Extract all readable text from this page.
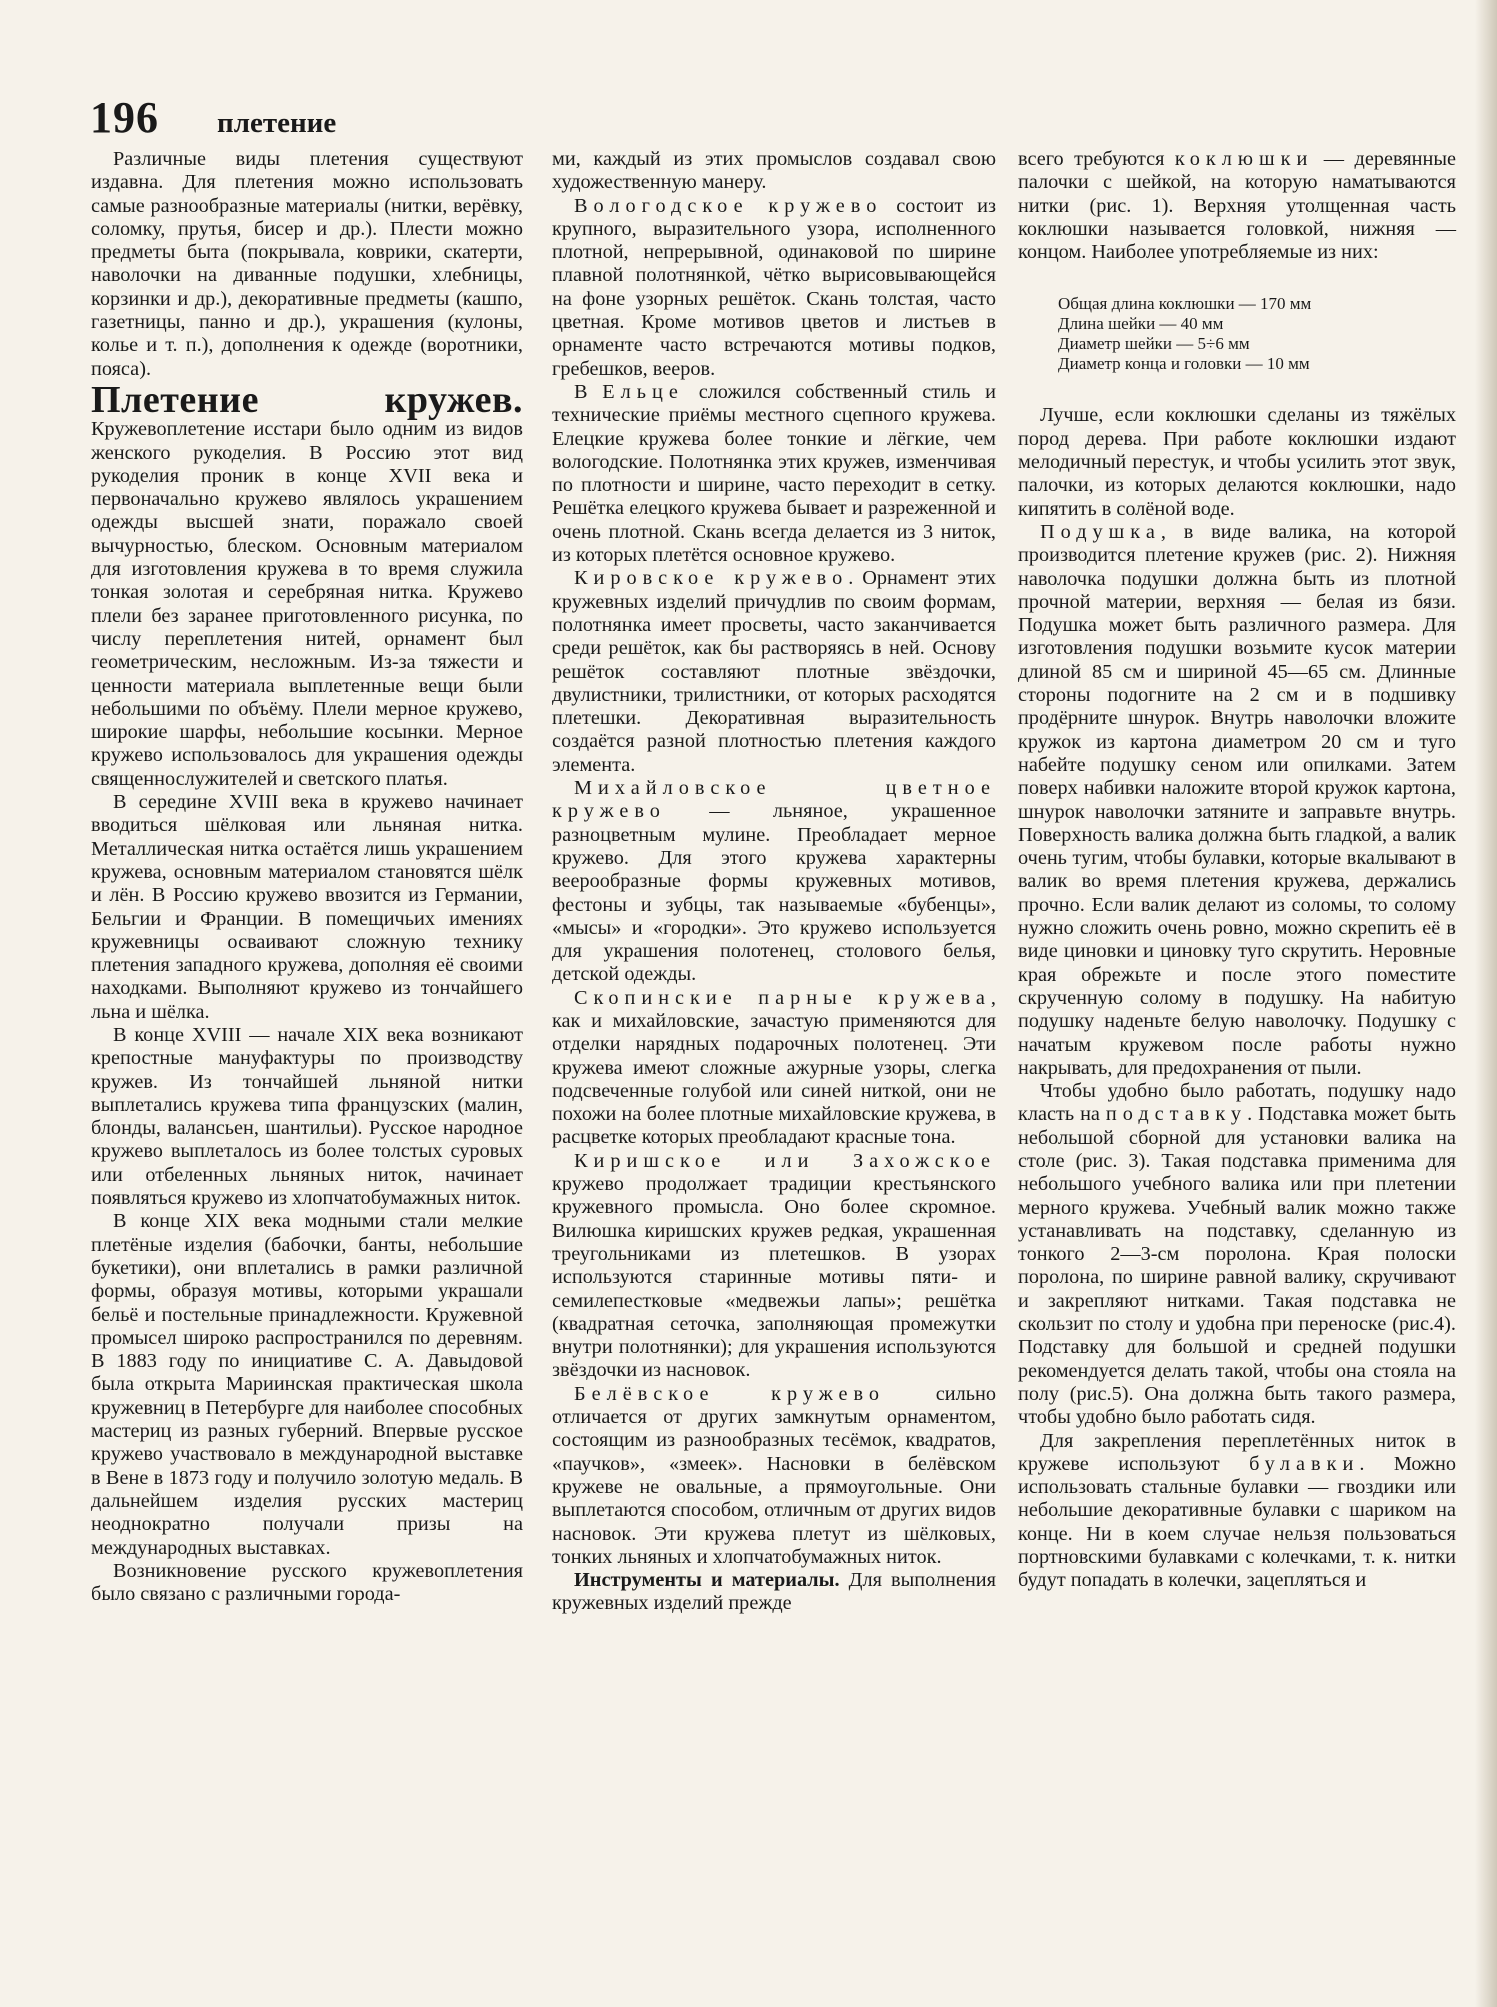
196 плетение

Различные виды плетения существуют издавна. Для плетения можно использовать самые разнообразные материалы (нитки, верёвку, соломку, прутья, бисер и др.). Плести можно предметы быта (покрывала, коврики, скатерти, наволочки на диванные подушки, хлебницы, корзинки и др.), декоративные предметы (кашпо, газетницы, панно и др.), украшения (кулоны, колье и т. п.), дополнения к одежде (воротники, пояса).

Плетение кружев. Кружевоплетение исстари было одним из видов женского рукоделия. В Россию этот вид рукоделия проник в конце XVII века и первоначально кружево являлось украшением одежды высшей знати, поражало своей вычурностью, блеском. Основным материалом для изготовления кружева в то время служила тонкая золотая и серебряная нитка. Кружево плели без заранее приготовленного рисунка, по числу переплетения нитей, орнамент был геометрическим, несложным. Из-за тяжести и ценности материала выплетенные вещи были небольшими по объёму. Плели мерное кружево, широкие шарфы, небольшие косынки. Мерное кружево использовалось для украшения одежды священнослужителей и светского платья.

В середине XVIII века в кружево начинает вводиться шёлковая или льняная нитка. Металлическая нитка остаётся лишь украшением кружева, основным материалом становятся шёлк и лён. В Россию кружево ввозится из Германии, Бельгии и Франции. В помещичьих имениях кружевницы осваивают сложную технику плетения западного кружева, дополняя её своими находками. Выполняют кружево из тончайшего льна и шёлка.

В конце XVIII — начале XIX века возникают крепостные мануфактуры по производству кружев. Из тончайшей льняной нитки выплетались кружева типа французских (малин, блонды, валансьен, шантильи). Русское народное кружево выплеталось из более толстых суровых или отбеленных льняных ниток, начинает появляться кружево из хлопчатобумажных ниток.

В конце XIX века модными стали мелкие плетёные изделия (бабочки, банты, небольшие букетики), они вплетались в рамки различной формы, образуя мотивы, которыми украшали бельё и постельные принадлежности. Кружевной промысел широко распространился по деревням. В 1883 году по инициативе С. А. Давыдовой была открыта Мариинская практическая школа кружевниц в Петербурге для наиболее способных мастериц из разных губерний. Впервые русское кружево участвовало в международной выставке в Вене в 1873 году и получило золотую медаль. В дальнейшем изделия русских мастериц неоднократно получали призы на международных выставках.

Возникновение русского кружевоплетения было связано с различными города-

ми, каждый из этих промыслов создавал свою художественную манеру.

Вологодское кружево состоит из крупного, выразительного узора, исполненного плотной, непрерывной, одинаковой по ширине плавной полотнянкой, чётко вырисовывающейся на фоне узорных решёток. Скань толстая, часто цветная. Кроме мотивов цветов и листьев в орнаменте часто встречаются мотивы подков, гребешков, вееров.

В Ельце сложился собственный стиль и технические приёмы местного сцепного кружева. Елецкие кружева более тонкие и лёгкие, чем вологодские. Полотнянка этих кружев, изменчивая по плотности и ширине, часто переходит в сетку. Решётка елецкого кружева бывает и разреженной и очень плотной. Скань всегда делается из 3 ниток, из которых плетётся основное кружево.

Кировское кружево. Орнамент этих кружевных изделий причудлив по своим формам, полотнянка имеет просветы, часто заканчивается среди решёток, как бы растворяясь в ней. Основу решёток составляют плотные звёздочки, двулистники, трилистники, от которых расходятся плетешки. Декоративная выразительность создаётся разной плотностью плетения каждого элемента.

Михайловское цветное кружево — льняное, украшенное разноцветным мулине. Преобладает мерное кружево. Для этого кружева характерны веерообразные формы кружевных мотивов, фестоны и зубцы, так называемые «бубенцы», «мысы» и «городки». Это кружево используется для украшения полотенец, столового белья, детской одежды.

Скопинские парные кружева, как и михайловские, зачастую применяются для отделки нарядных подарочных полотенец. Эти кружева имеют сложные ажурные узоры, слегка подсвеченные голубой или синей ниткой, они не похожи на более плотные михайловские кружева, в расцветке которых преобладают красные тона.

Киришское или Захожское кружево продолжает традиции крестьянского кружевного промысла. Оно более скромное. Вилюшка киришских кружев редкая, украшенная треугольниками из плетешков. В узорах используются старинные мотивы пяти- и семилепестковые «медвежьи лапы»; решётка (квадратная сеточка, заполняющая промежутки внутри полотнянки); для украшения используются звёздочки из насновок.

Белёвское кружево сильно отличается от других замкнутым орнаментом, состоящим из разнообразных тесёмок, квадратов, «паучков», «змеек». Насновки в белёвском кружеве не овальные, а прямоугольные. Они выплетаются способом, отличным от других видов насновок. Эти кружева плетут из шёлковых, тонких льняных и хлопчатобумажных ниток.

Инструменты и материалы. Для выполнения кружевных изделий прежде

всего требуются коклюшки — деревянные палочки с шейкой, на которую наматываются нитки (рис. 1). Верхняя утолщенная часть коклюшки называется головкой, нижняя — концом. Наиболее употребляемые из них:

Общая длина коклюшки — 170 мм
Длина шейки — 40 мм
Диаметр шейки — 5÷6 мм
Диаметр конца и головки — 10 мм

Лучше, если коклюшки сделаны из тяжёлых пород дерева. При работе коклюшки издают мелодичный перестук, и чтобы усилить этот звук, палочки, из которых делаются коклюшки, надо кипятить в солёной воде.

Подушка, в виде валика, на которой производится плетение кружев (рис. 2). Нижняя наволочка подушки должна быть из плотной прочной материи, верхняя — белая из бязи. Подушка может быть различного размера. Для изготовления подушки возьмите кусок материи длиной 85 см и шириной 45—65 см. Длинные стороны подогните на 2 см и в подшивку продёрните шнурок. Внутрь наволочки вложите кружок из картона диаметром 20 см и туго набейте подушку сеном или опилками. Затем поверх набивки наложите второй кружок картона, шнурок наволочки затяните и заправьте внутрь. Поверхность валика должна быть гладкой, а валик очень тугим, чтобы булавки, которые вкалывают в валик во время плетения кружева, держались прочно. Если валик делают из соломы, то солому нужно сложить очень ровно, можно скрепить её в виде циновки и циновку туго скрутить. Неровные края обрежьте и после этого поместите скрученную солому в подушку. На набитую подушку наденьте белую наволочку. Подушку с начатым кружевом после работы нужно накрывать, для предохранения от пыли.

Чтобы удобно было работать, подушку надо класть на подставку. Подставка может быть небольшой сборной для установки валика на столе (рис. 3). Такая подставка применима для небольшого учебного валика или при плетении мерного кружева. Учебный валик можно также устанавливать на подставку, сделанную из тонкого 2—3-см поролона. Края полоски поролона, по ширине равной валику, скручивают и закрепляют нитками. Такая подставка не скользит по столу и удобна при переноске (рис.4). Подставку для большой и средней подушки рекомендуется делать такой, чтобы она стояла на полу (рис.5). Она должна быть такого размера, чтобы удобно было работать сидя.

Для закрепления переплетённых ниток в кружеве используют булавки. Можно использовать стальные булавки — гвоздики или небольшие декоративные булавки с шариком на конце. Ни в коем случае нельзя пользоваться портновскими булавками с колечками, т. к. нитки будут попадать в колечки, зацепляться и
